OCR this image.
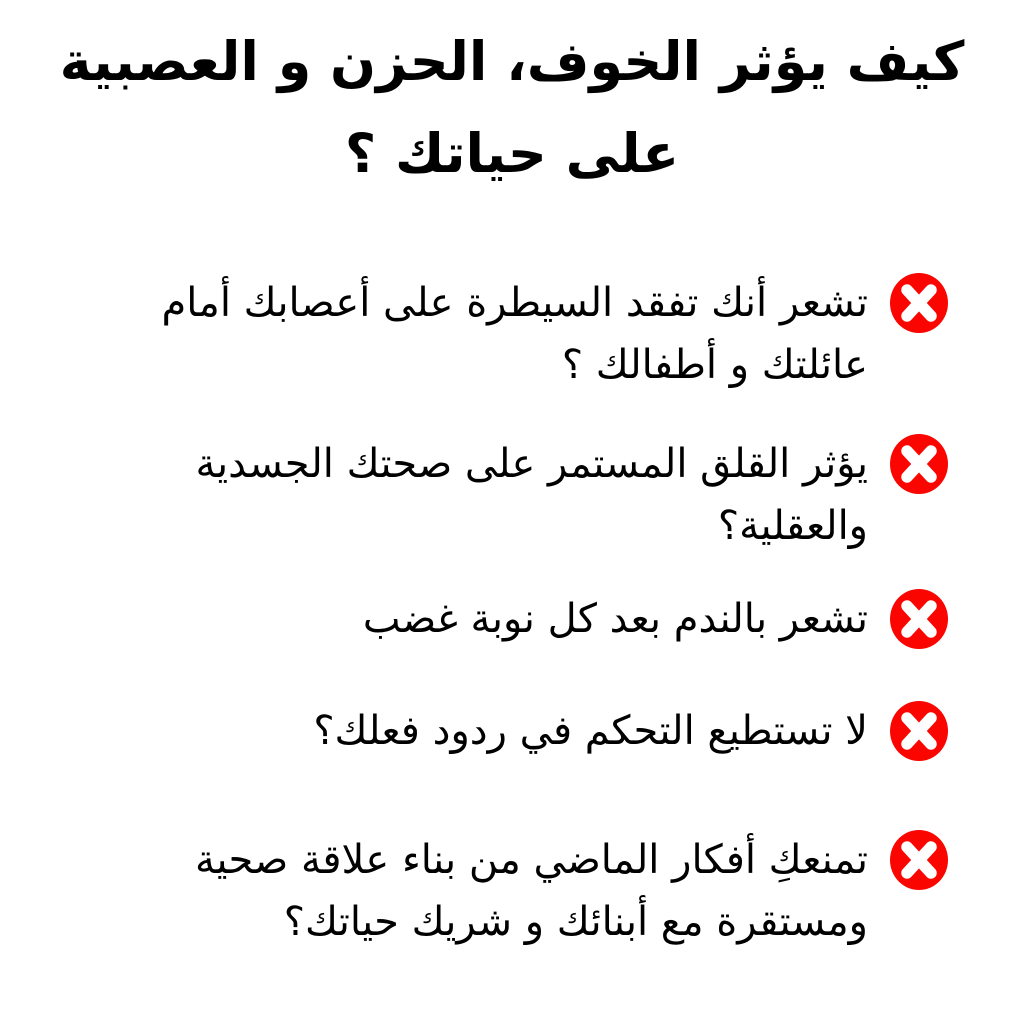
كيف يؤثر الخوف، الحزن و العصبية
على حياتك ؟
تشعر أنك تفقد السيطرة على أعصابك أمام
عائلتك و أطفالك ؟
يؤثر القلق المستمر على صحتك الجسدية
والعقلية؟
تشعر بالندم بعد كل نوبة غضب
لا تستطيع التحكم في ردود فعلك؟
تمنعكِ أفكار الماضي من بناء علاقة صحية
ومستقرة مع أبنائك و شريك حياتك؟
